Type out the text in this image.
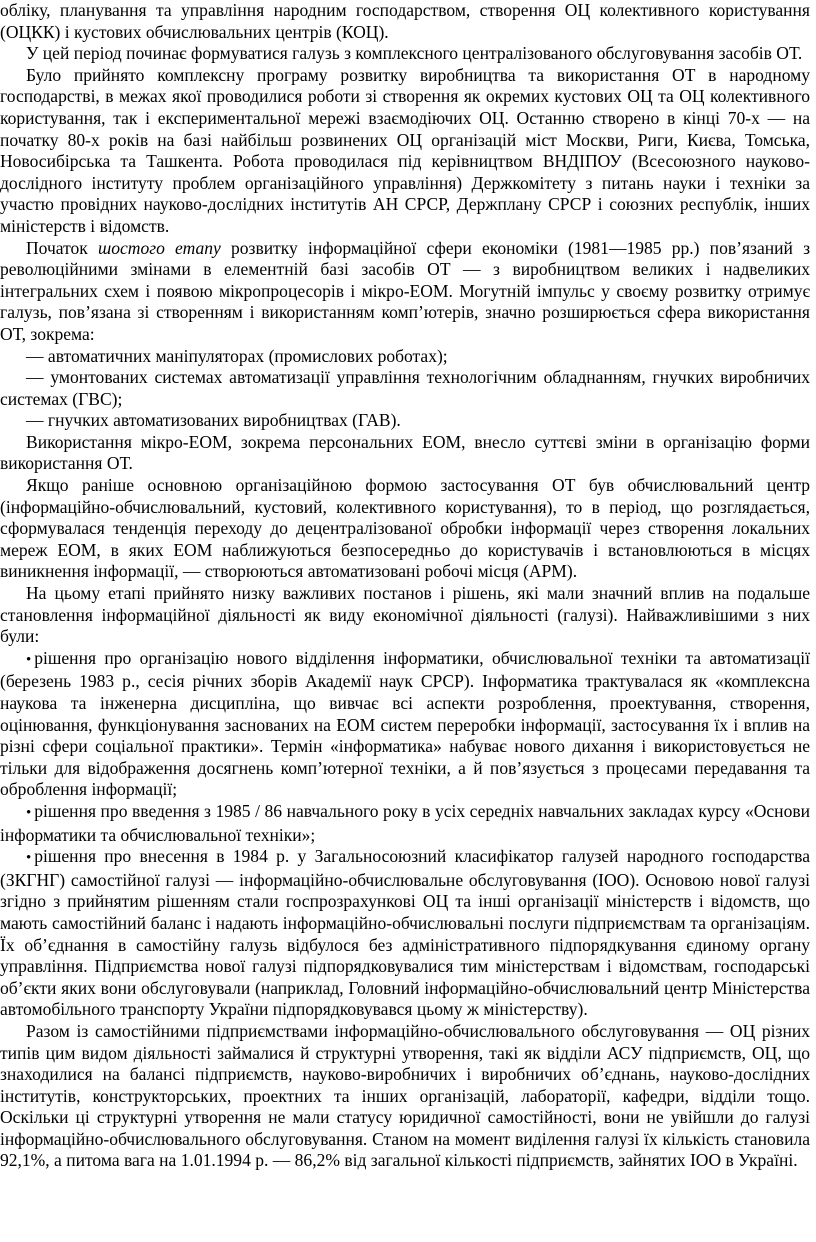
обліку, планування та управління народним господарством, створення ОЦ колективного користування (ОЦКК) і кустових обчислювальних центрів (КОЦ).

У цей період починає формуватися галузь з комплексного централізованого обслуговування засобів ОТ.

Було прийнято комплексну програму розвитку виробництва та використання ОТ в народному господарстві, в межах якої проводилися роботи зі створення як окремих кустових ОЦ та ОЦ колективного користування, так і експериментальної мережі взаємодіючих ОЦ. Останню створено в кінці 70-х — на початку 80-х років на базі найбільш розвинених ОЦ організацій міст Москви, Риги, Києва, Томська, Новосибірська та Ташкента. Робота проводилася під керівництвом ВНДІПОУ (Всесоюзного науково-дослідного інституту проблем організаційного управління) Держкомітету з питань науки і техніки за участю провідних науково-дослідних інститутів АН СРСР, Держплану СРСР і союзних республік, інших міністерств і відомств.

Початок шостого етапу розвитку інформаційної сфери економіки (1981—1985 рр.) пов’язаний з революційними змінами в елементній базі засобів ОТ — з виробництвом великих і надвеликих інтегральних схем і появою мікропроцесорів і мікро-ЕОМ. Могутній імпульс у своєму розвитку отримує галузь, пов’язана зі створенням і використанням комп’ютерів, значно розширюється сфера використання ОТ, зокрема:

— автоматичних маніпуляторах (промислових роботах);

— умонтованих системах автоматизації управління технологічним обладнанням, гнучких виробничих системах (ГВС);

— гнучких автоматизованих виробництвах (ГАВ).

Використання мікро-ЕОМ, зокрема персональних ЕОМ, внесло суттєві зміни в організацію форми використання ОТ.

Якщо раніше основною організаційною формою застосування ОТ був обчислювальний центр (інформаційно-обчислювальний, кустовий, колективного користування), то в період, що розглядається, сформувалася тенденція переходу до децентралізованої обробки інформації через створення локальних мереж ЕОМ, в яких ЕОМ наближуються безпосередньо до користувачів і встановлюються в місцях виникнення інформації, — створюються автоматизовані робочі місця (АРМ).

На цьому етапі прийнято низку важливих постанов і рішень, які мали значний вплив на подальше становлення інформаційної діяльності як виду економічної діяльності (галузі). Найважливішими з них були:

• рішення про організацію нового відділення інформатики, обчислювальної техніки та автоматизації (березень 1983 р., сесія річних зборів Академії наук СРСР). Інформатика трактувалася як «комплексна наукова та інженерна дисципліна, що вивчає всі аспекти розроблення, проектування, створення, оцінювання, функціонування заснованих на ЕОМ систем переробки інформації, застосування їх і вплив на різні сфери соціальної практики». Термін «інформатика» набуває нового дихання і використовується не тільки для відображення досягнень комп’ютерної техніки, а й пов’язується з процесами передавання та оброблення інформації;

• рішення про введення з 1985 / 86 навчального року в усіх середніх навчальних закладах курсу «Основи інформатики та обчислювальної техніки»;

• рішення про внесення в 1984 р. у Загальносоюзний класифікатор галузей народного господарства (ЗКГНГ) самостійної галузі — інформаційно-обчислювальне обслуговування (ІОО). Основою нової галузі згідно з прийнятим рішенням стали госпрозрахункові ОЦ та інші організації міністерств і відомств, що мають самостійний баланс і надають інформаційно-обчислювальні послуги підприємствам та організаціям. Їх об’єднання в самостійну галузь відбулося без адміністративного підпорядкування єдиному органу управління. Підприємства нової галузі підпорядковувалися тим міністерствам і відомствам, господарські об’єкти яких вони обслуговували (наприклад, Головний інформаційно-обчислювальний центр Міністерства автомобільного транспорту України підпорядковувався цьому ж міністерству).

Разом із самостійними підприємствами інформаційно-обчислювального обслуговування — ОЦ різних типів цим видом діяльності займалися й структурні утворення, такі як відділи АСУ підприємств, ОЦ, що знаходилися на балансі підприємств, науково-виробничих і виробничих об’єднань, науково-дослідних інститутів, конструкторських, проектних та інших організацій, лабораторії, кафедри, відділи тощо. Оскільки ці структурні утворення не мали статусу юридичної самостійності, вони не увійшли до галузі інформаційно-обчислювального обслуговування. Станом на момент виділення галузі їх кількість становила 92,1%, а питома вага на 1.01.1994 р. — 86,2% від загальної кількості підприємств, зайнятих ІОО в Україні.
